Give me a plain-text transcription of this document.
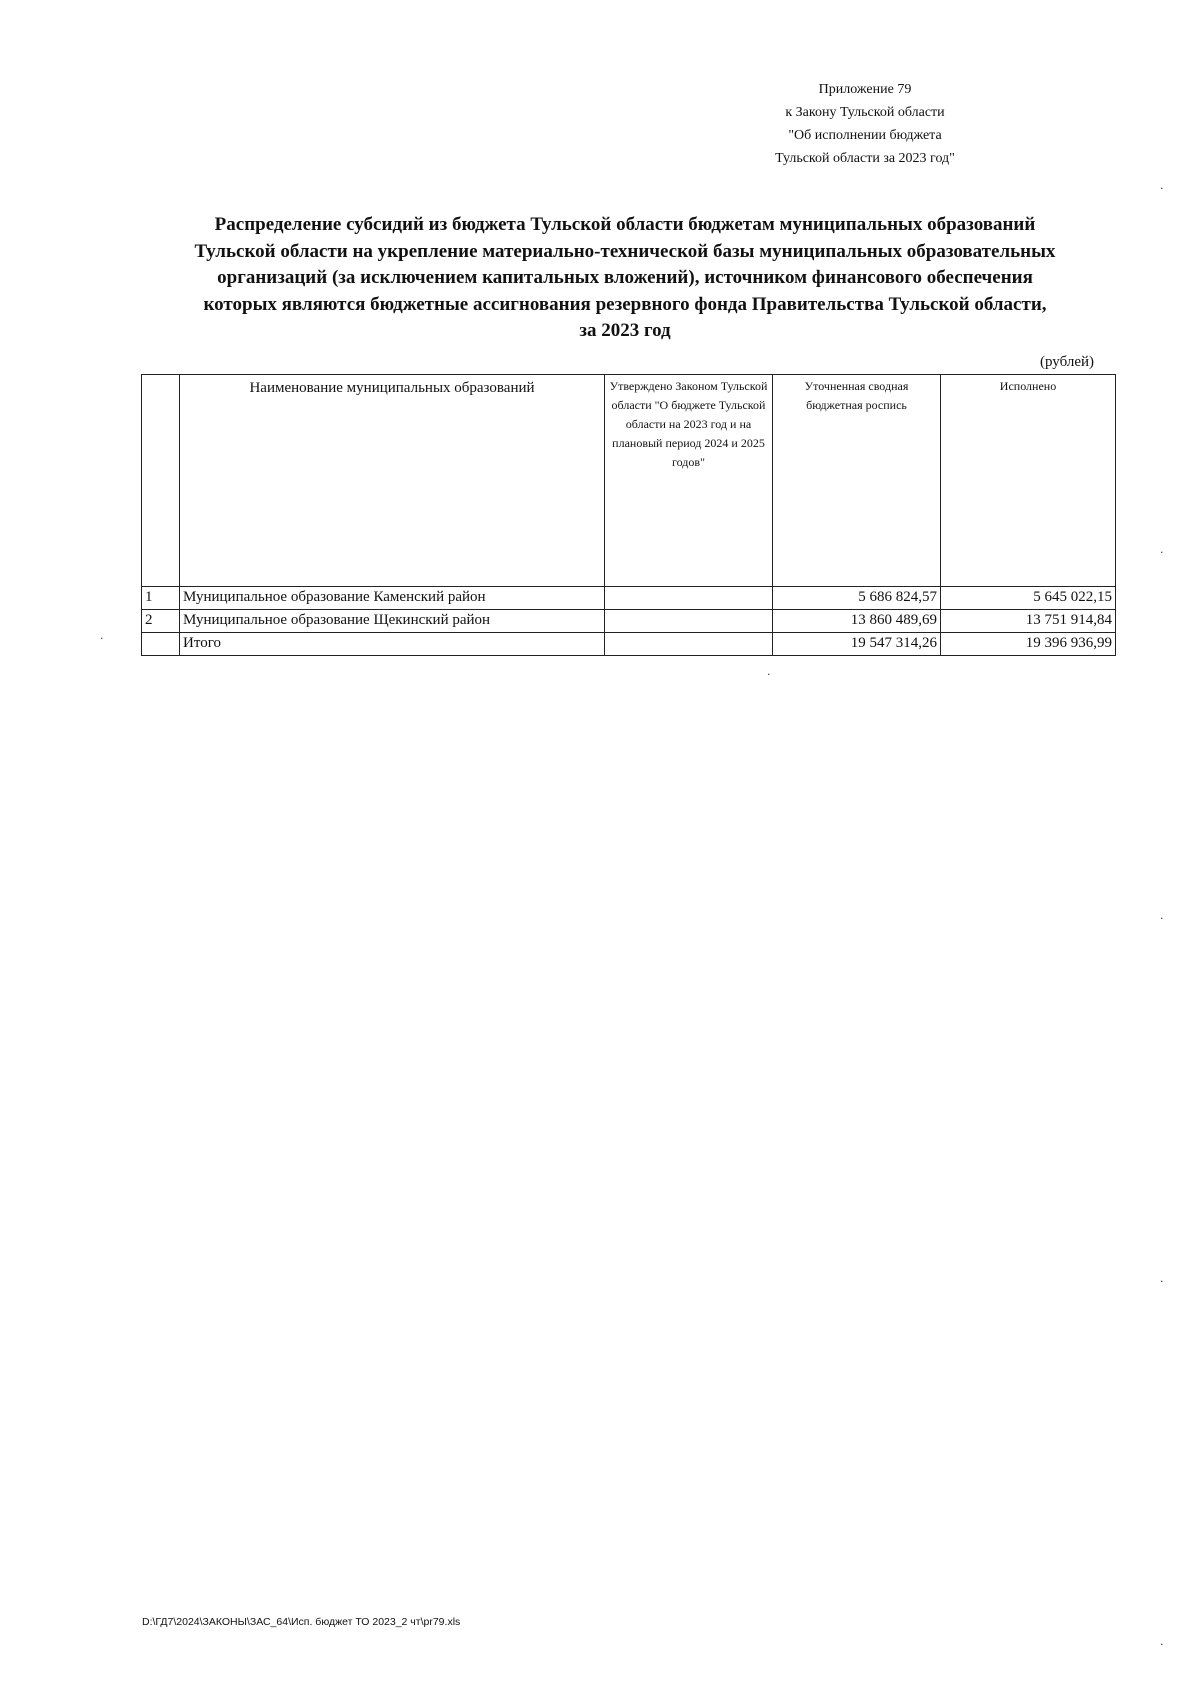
Приложение 79
к Закону Тульской области
"Об исполнении бюджета
Тульской области за 2023 год"
Распределение субсидий из бюджета Тульской области бюджетам муниципальных образований
Тульской области на укрепление материально-технической базы муниципальных образовательных
организаций (за исключением капитальных вложений), источником финансового обеспечения
которых являются бюджетные ассигнования резервного фонда Правительства Тульской области,
за 2023 год
(рублей)
	Наименование муниципальных образований	Утверждено Законом Тульской области "О бюджете Тульской области на 2023 год и на плановый период 2024 и 2025 годов"	Уточненная сводная бюджетная роспись	Исполнено
1	Муниципальное образование Каменский район		5 686 824,57	5 645 022,15
2	Муниципальное образование Щекинский район		13 860 489,69	13 751 914,84
	Итого		19 547 314,26	19 396 936,99
D:\ГД7\2024\ЗАКОНЫ\ЗАС_64\Исп. бюджет ТО 2023_2 чт\pr79.xls
·
·
·
·
·
·
·
